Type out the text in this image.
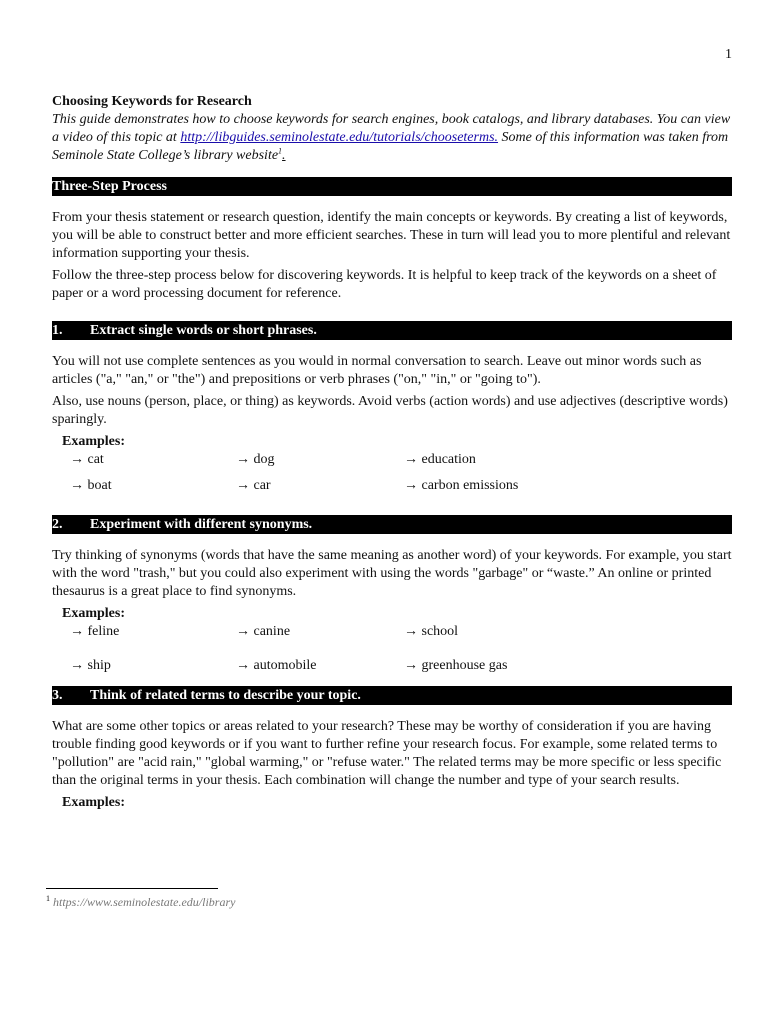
1
Choosing Keywords for Research

This guide demonstrates how to choose keywords for search engines, book catalogs, and library databases. You can view a video of this topic at http://libguides.seminolestate.edu/tutorials/chooseterms. Some of this information was taken from Seminole State College’s library website$^1$.

Three-Step Process

From your thesis statement or research question, identify the main concepts or keywords. By creating a list of keywords, you will be able to construct better and more efficient searches. These in turn will lead you to more plentiful and relevant information supporting your thesis.

Follow the three-step process below for discovering keywords. It is helpful to keep track of the keywords on a sheet of paper or a word processing document for reference.

1.	Extract single words or short phrases.

You will not use complete sentences as you would in normal conversation to search. Leave out minor words such as articles ("a," "an," or "the") and prepositions or verb phrases ("on," "in," or "going to").

Also, use nouns (person, place, or thing) as keywords. Avoid verbs (action words) and use adjectives (descriptive words) sparingly.

Examples:
→ cat	→ dog	→ education
→ boat	→ car	→ carbon emissions
2.	Experiment with different synonyms.

Try thinking of synonyms (words that have the same meaning as another word) of your keywords. For example, you start with the word "trash," but you could also experiment with using the words "garbage" or “waste.” An online or printed thesaurus is a great place to find synonyms.

Examples:
→ feline	→ canine	→ school
→ ship	→ automobile	→ greenhouse gas
3.	Think of related terms to describe your topic.

What are some other topics or areas related to your research? These may be worthy of consideration if you are having trouble finding good keywords or if you want to further refine your research focus. For example, some related terms to "pollution" are "acid rain," "global warming," or "refuse water." The related terms may be more specific or less specific than the original terms in your thesis. Each combination will change the number and type of your search results.

Examples:
$^1$ https://www.seminolestate.edu/library
